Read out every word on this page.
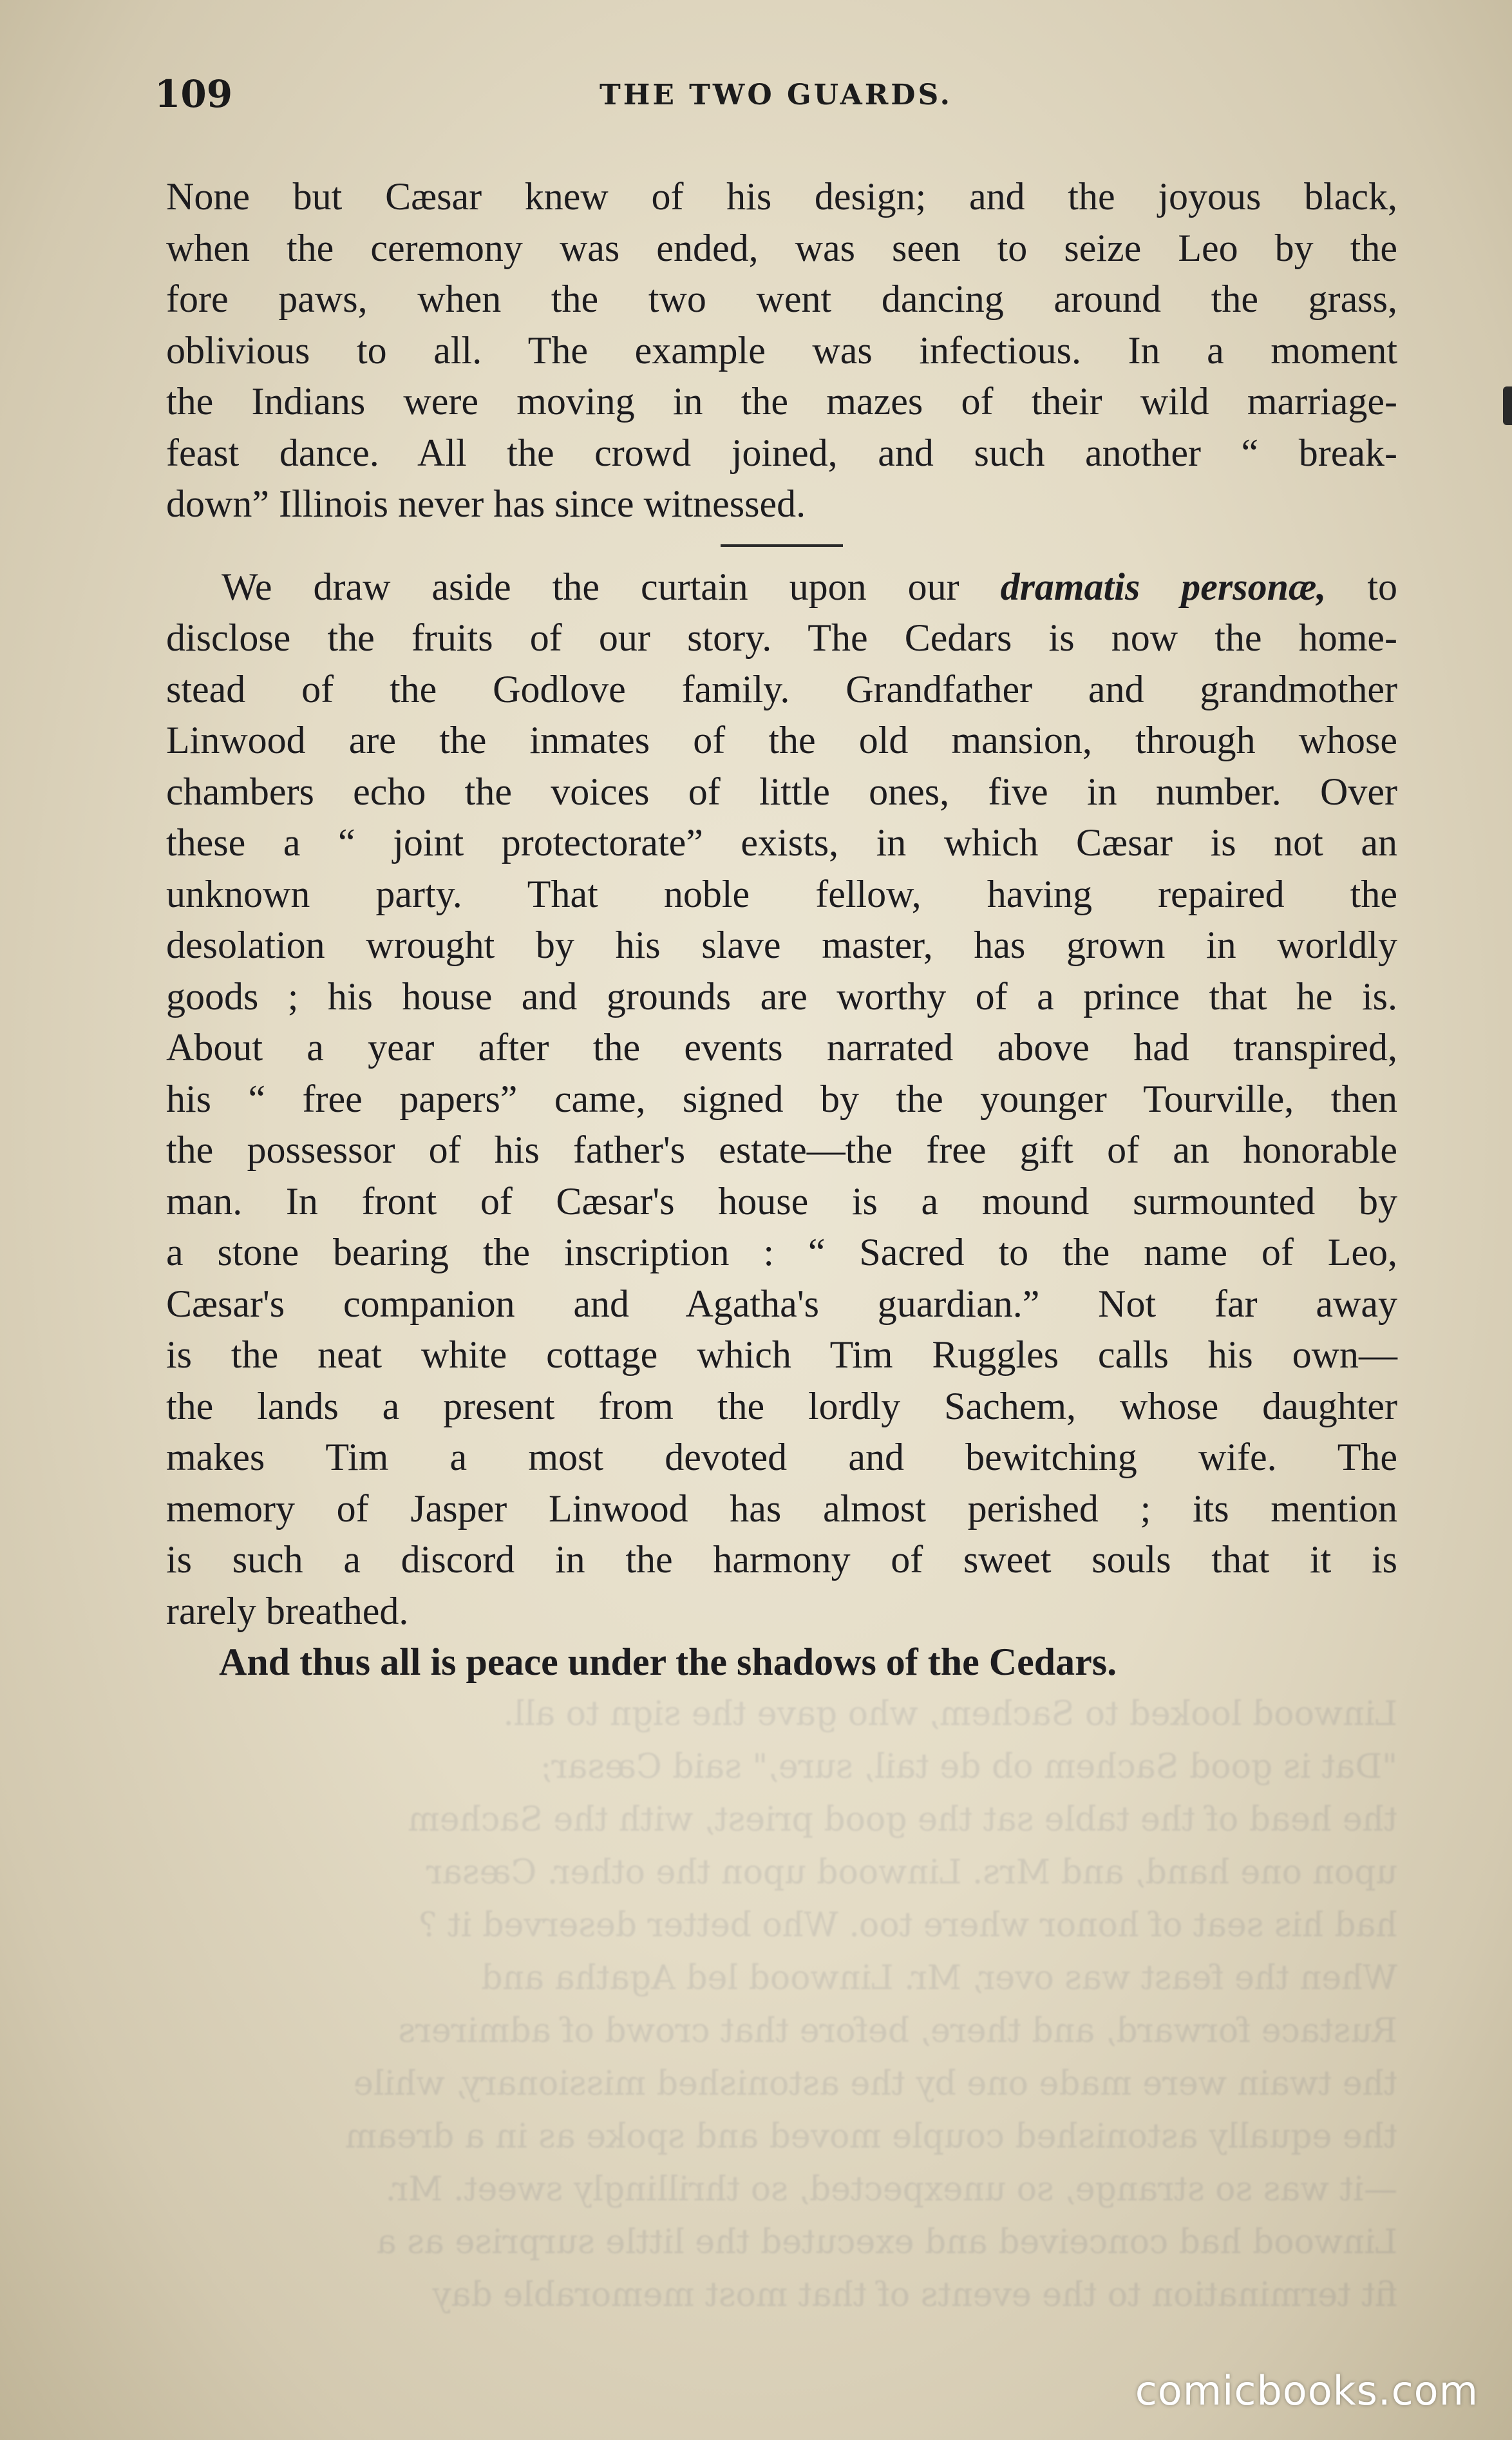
Linwood looked to Sachem, who gave the sign to all.

"Dat is good Sachem ob de tail, sure," said Cæsar;

the head of the table sat the good priest, with the Sachem

upon one hand, and Mrs. Linwood upon the other. Cæsar

had his seat of honor where too. Who better deserved it ?

When the feast was over, Mr. Linwood led Agatha and

Rustace forward, and there, before that crowd of admirers

the twain were made one by the astonished missionary, while

the equally astonished couple moved and spoke as in a dream

—it was so strange, so unexpected, so thrillingly sweet. Mr.

Linwood had conceived and executed the little surprise as a

fit termination to the events of that most memorable day

109	THE TWO GUARDS.
None but Cæsar knew of his design; and the joyous black,
when the ceremony was ended, was seen to seize Leo by the
fore paws, when the two went dancing around the grass,
oblivious to all. The example was infectious. In a moment
the Indians were moving in the mazes of their wild marriage-
feast dance. All the crowd joined, and such another “ break-
down” Illinois never has since witnessed.
We draw aside the curtain upon our dramatis personæ, to
disclose the fruits of our story. The Cedars is now the home-
stead of the Godlove family. Grandfather and grandmother
Linwood are the inmates of the old mansion, through whose
chambers echo the voices of little ones, five in number. Over
these a “ joint protectorate” exists, in which Cæsar is not an
unknown party. That noble fellow, having repaired the
desolation wrought by his slave master, has grown in worldly
goods ; his house and grounds are worthy of a prince that he is.
About a year after the events narrated above had transpired,
his “ free papers” came, signed by the younger Tourville, then
the possessor of his father's estate—the free gift of an honorable
man. In front of Cæsar's house is a mound surmounted by
a stone bearing the inscription : “ Sacred to the name of Leo,
Cæsar's companion and Agatha's guardian.” Not far away
is the neat white cottage which Tim Ruggles calls his own—
the lands a present from the lordly Sachem, whose daughter
makes Tim a most devoted and bewitching wife. The
memory of Jasper Linwood has almost perished ; its mention
is such a discord in the harmony of sweet souls that it is
rarely breathed.
And thus all is peace under the shadows of the Cedars.
comicbooks.com
